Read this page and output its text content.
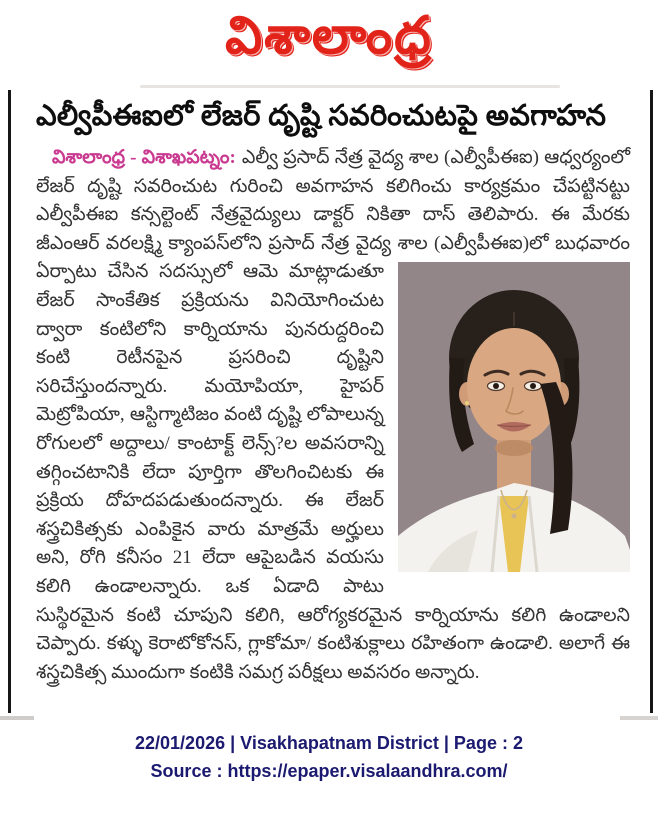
విశాలాంధ్ర
ఎల్వీపీఈఐలో లేజర్ దృష్టి సవరించుటపై అవగాహన

విశాలాంధ్ర - విశాఖపట్నం: ఎల్వీ ప్రసాద్ నేత్ర వైద్య శాల (ఎల్వీపీఈఐ) ఆధ్వర్యంలో లేజర్ దృష్టి సవరించుట గురించి అవగాహన కలిగించు కార్యక్రమం చేపట్టినట్టు ఎల్వీపీఈఐ కన్సల్టెంట్ నేత్రవైద్యులు డాక్టర్ నికితా దాస్ తెలిపారు. ఈ మేరకు జీఎంఆర్ వరలక్ష్మి క్యాంపస్‌లోని ప్రసాద్ నేత్ర వైద్య శాల (ఎల్వీపీఈఐ)లో బుధవారం ఏర్పాటు చేసిన సదస్సులో ఆమె మాట్లాడుతూ లేజర్ సాంకేతిక ప్రక్రియను వినియోగించుట ద్వారా కంటిలోని కార్నియాను పునరుద్దరించి కంటి రెటీనపైన ప్రసరించి దృష్టిని సరిచేస్తుందన్నారు. మయోపియా, హైపర్ మెట్రోపియా, ఆస్టిగ్మాటిజం వంటి దృష్టి లోపాలున్న రోగులలో అద్దాలు/ కాంటాక్ట్ లెన్స్?ల అవసరాన్ని తగ్గించటానికి లేదా పూర్తిగా తొలగించిటకు ఈ ప్రక్రియ దోహదపడుతుందన్నారు. ఈ లేజర్ శస్త్రచికిత్సకు ఎంపికైన వారు మాత్రమే అర్హులు అని, రోగి కనీసం 21 లేదా ఆపైబడిన వయసు కలిగి ఉండాలన్నారు. ఒక ఏడాది పాటు సుస్థిరమైన కంటి చూపుని కలిగి, ఆరోగ్యకరమైన కార్నియాను కలిగి ఉండాలని చెప్పారు. కళ్ళు కెరాటోకోనస్, గ్లాకోమా/ కంటిశుక్లాలు రహితంగా ఉండాలి. అలాగే ఈ శస్త్రచికిత్స ముందుగా కంటికి సమగ్ర పరీక్షలు అవసరం అన్నారు.

22/01/2026 | Visakhapatnam District | Page : 2
Source : https://epaper.visalaandhra.com/
